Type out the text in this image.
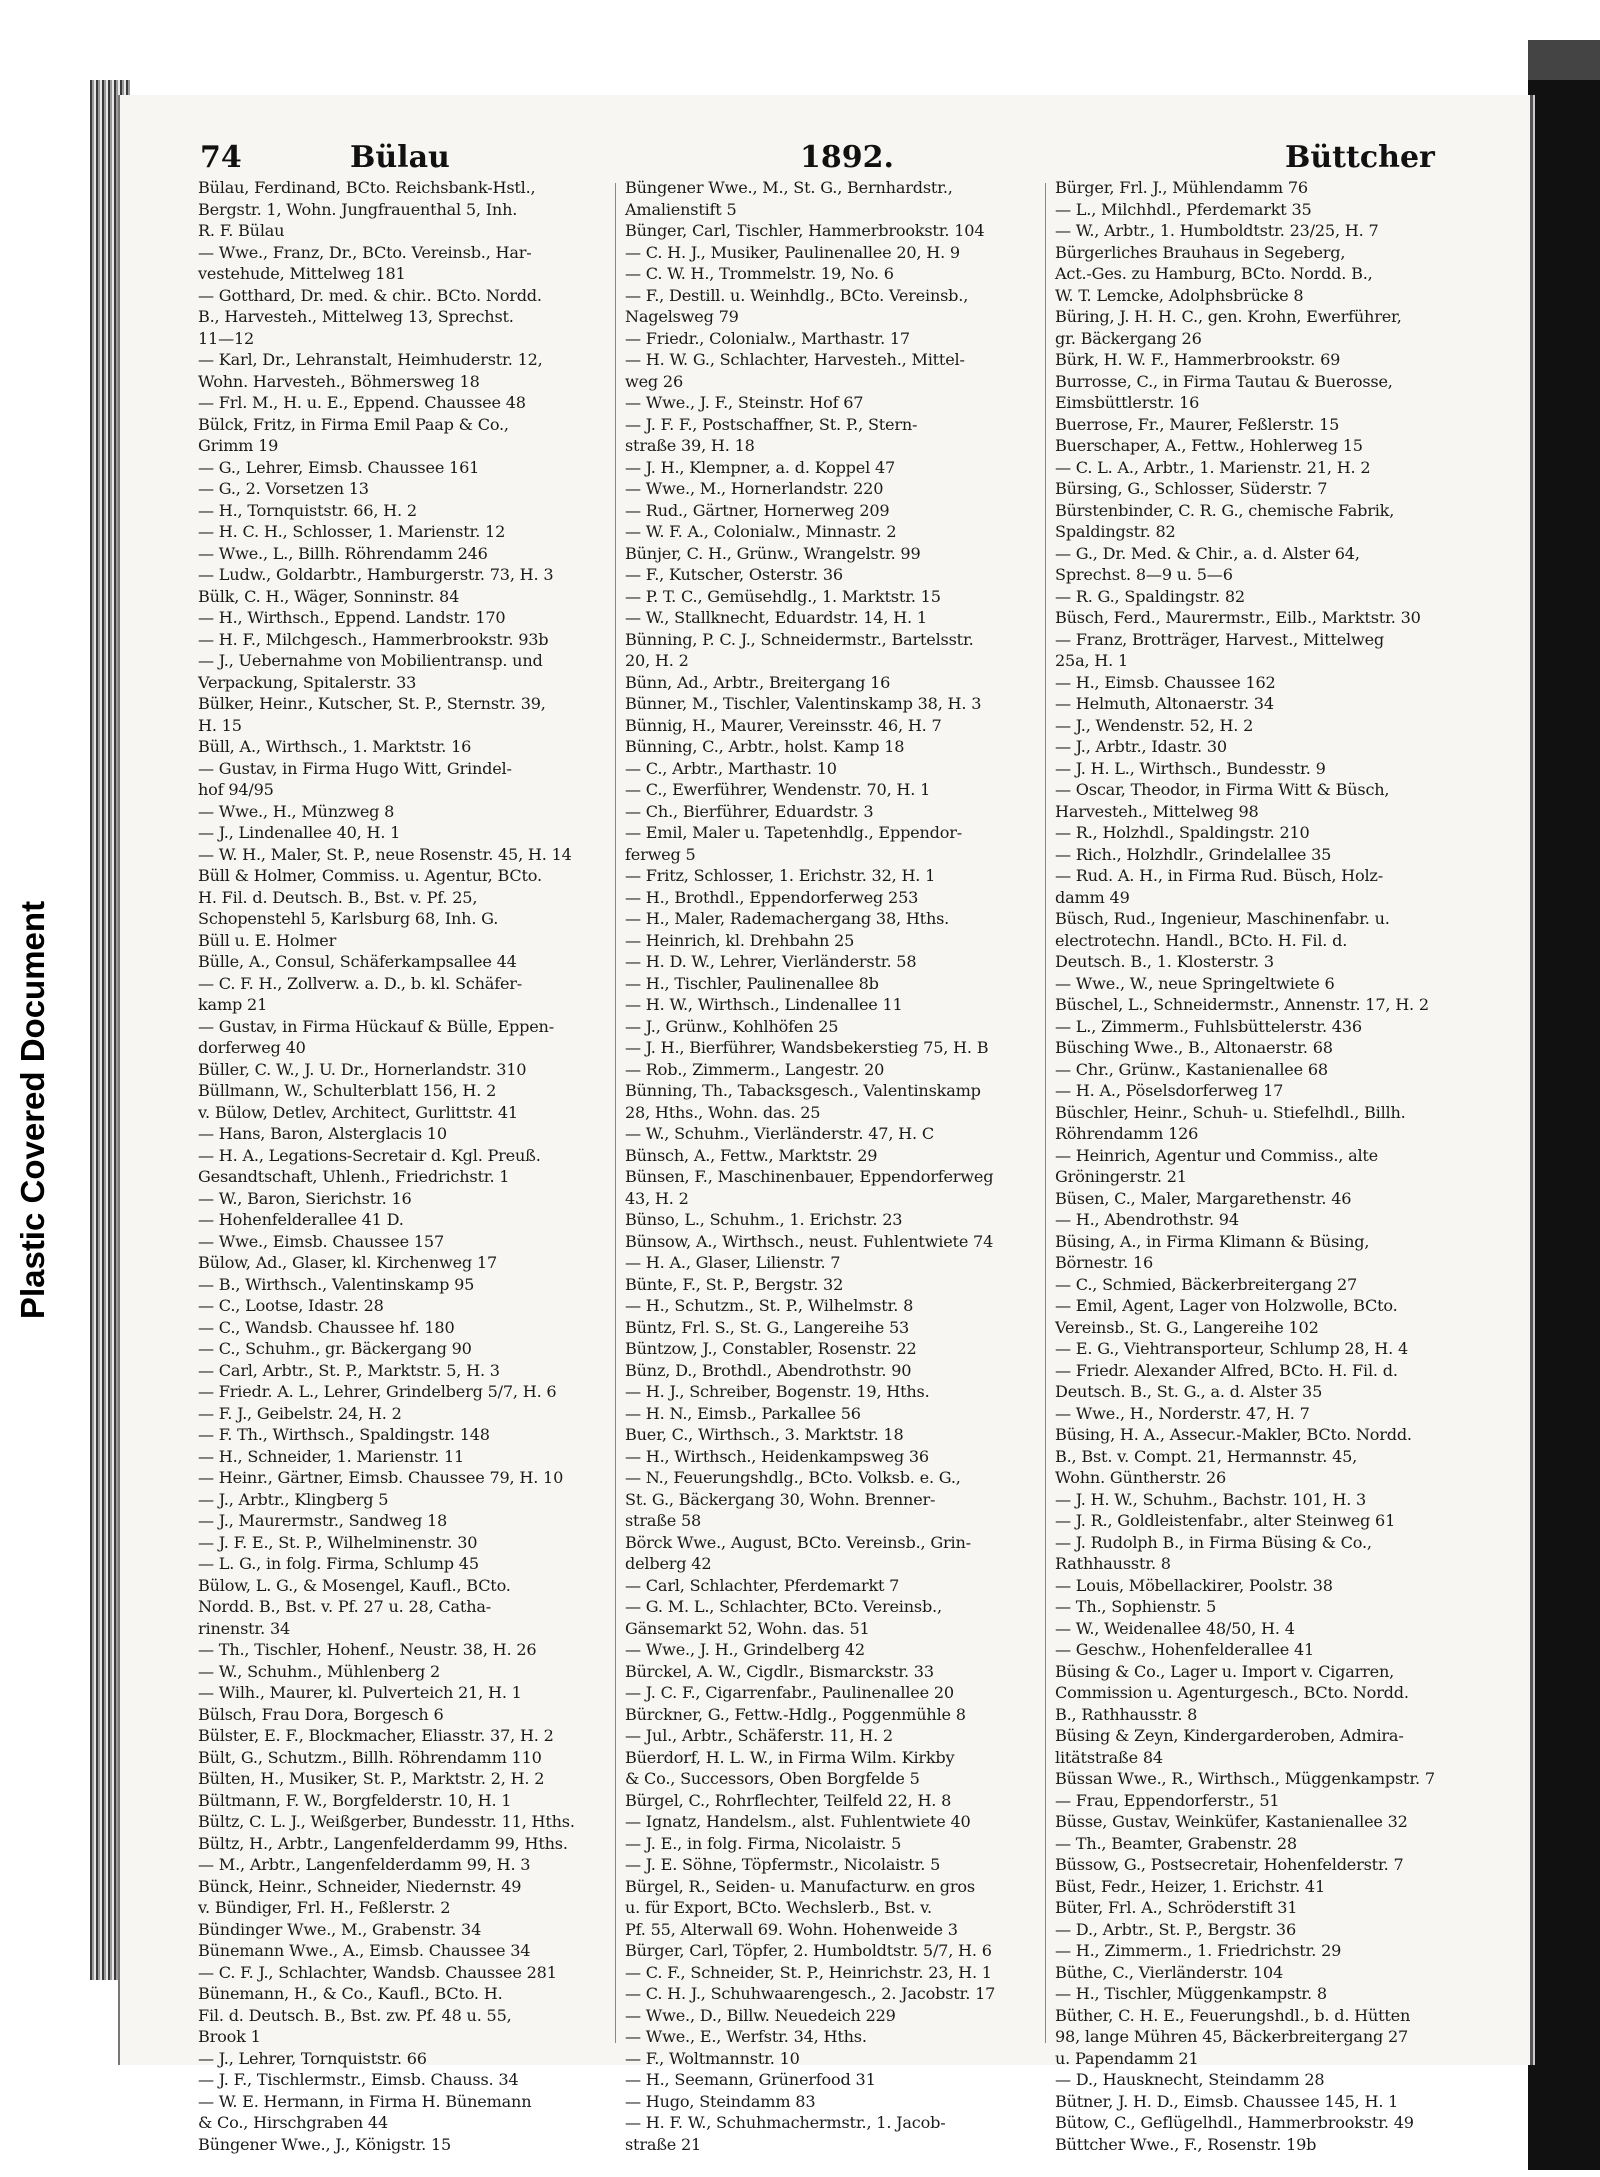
Plastic Covered Document
74	Bülau	1892.	Büttcher
Bülau, Ferdinand, BCto. Reichsbank-Hstl.,
Bergstr. 1, Wohn. Jungfrauenthal 5, Inh.
R. F. Bülau
— Wwe., Franz, Dr., BCto. Vereinsb., Har-
vestehude, Mittelweg 181
— Gotthard, Dr. med. & chir.. BCto. Nordd.
B., Harvesteh., Mittelweg 13, Sprechst.
11—12
— Karl, Dr., Lehranstalt, Heimhuderstr. 12,
Wohn. Harvesteh., Böhmersweg 18
— Frl. M., H. u. E., Eppend. Chaussee 48
Bülck, Fritz, in Firma Emil Paap & Co.,
Grimm 19
— G., Lehrer, Eimsb. Chaussee 161
— G., 2. Vorsetzen 13
— H., Tornquiststr. 66, H. 2
— H. C. H., Schlosser, 1. Marienstr. 12
— Wwe., L., Billh. Röhrendamm 246
— Ludw., Goldarbtr., Hamburgerstr. 73, H. 3
Bülk, C. H., Wäger, Sonninstr. 84
— H., Wirthsch., Eppend. Landstr. 170
— H. F., Milchgesch., Hammerbrookstr. 93b
— J., Uebernahme von Mobilientransp. und
Verpackung, Spitalerstr. 33
Bülker, Heinr., Kutscher, St. P., Sternstr. 39,
H. 15
Büll, A., Wirthsch., 1. Marktstr. 16
— Gustav, in Firma Hugo Witt, Grindel-
hof 94/95
— Wwe., H., Münzweg 8
— J., Lindenallee 40, H. 1
— W. H., Maler, St. P., neue Rosenstr. 45, H. 14
Büll & Holmer, Commiss. u. Agentur, BCto.
H. Fil. d. Deutsch. B., Bst. v. Pf. 25,
Schopenstehl 5, Karlsburg 68, Inh. G.
Büll u. E. Holmer
Bülle, A., Consul, Schäferkampsallee 44
— C. F. H., Zollverw. a. D., b. kl. Schäfer-
kamp 21
— Gustav, in Firma Hückauf & Bülle, Eppen-
dorferweg 40
Büller, C. W., J. U. Dr., Hornerlandstr. 310
Büllmann, W., Schulterblatt 156, H. 2
v. Bülow, Detlev, Architect, Gurlittstr. 41
— Hans, Baron, Alsterglacis 10
— H. A., Legations-Secretair d. Kgl. Preuß.
Gesandtschaft, Uhlenh., Friedrichstr. 1
— W., Baron, Sierichstr. 16
— Hohenfelderallee 41 D.
— Wwe., Eimsb. Chaussee 157
Bülow, Ad., Glaser, kl. Kirchenweg 17
— B., Wirthsch., Valentinskamp 95
— C., Lootse, Idastr. 28
— C., Wandsb. Chaussee hf. 180
— C., Schuhm., gr. Bäckergang 90
— Carl, Arbtr., St. P., Marktstr. 5, H. 3
— Friedr. A. L., Lehrer, Grindelberg 5/7, H. 6
— F. J., Geibelstr. 24, H. 2
— F. Th., Wirthsch., Spaldingstr. 148
— H., Schneider, 1. Marienstr. 11
— Heinr., Gärtner, Eimsb. Chaussee 79, H. 10
— J., Arbtr., Klingberg 5
— J., Maurermstr., Sandweg 18
— J. F. E., St. P., Wilhelminenstr. 30
— L. G., in folg. Firma, Schlump 45
Bülow, L. G., & Mosengel, Kaufl., BCto.
Nordd. B., Bst. v. Pf. 27 u. 28, Catha-
rinenstr. 34
— Th., Tischler, Hohenf., Neustr. 38, H. 26
— W., Schuhm., Mühlenberg 2
— Wilh., Maurer, kl. Pulverteich 21, H. 1
Bülsch, Frau Dora, Borgesch 6
Bülster, E. F., Blockmacher, Eliasstr. 37, H. 2
Bült, G., Schutzm., Billh. Röhrendamm 110
Bülten, H., Musiker, St. P., Marktstr. 2, H. 2
Bültmann, F. W., Borgfelderstr. 10, H. 1
Bültz, C. L. J., Weißgerber, Bundesstr. 11, Hths.
Bültz, H., Arbtr., Langenfelderdamm 99, Hths.
— M., Arbtr., Langenfelderdamm 99, H. 3
Bünck, Heinr., Schneider, Niedernstr. 49
v. Bündiger, Frl. H., Feßlerstr. 2
Bündinger Wwe., M., Grabenstr. 34
Bünemann Wwe., A., Eimsb. Chaussee 34
— C. F. J., Schlachter, Wandsb. Chaussee 281
Bünemann, H., & Co., Kaufl., BCto. H.
Fil. d. Deutsch. B., Bst. zw. Pf. 48 u. 55,
Brook 1
— J., Lehrer, Tornquiststr. 66
— J. F., Tischlermstr., Eimsb. Chauss. 34
— W. E. Hermann, in Firma H. Bünemann
& Co., Hirschgraben 44
Büngener Wwe., J., Königstr. 15
Büngener Wwe., M., St. G., Bernhardstr.,
Amalienstift 5
Bünger, Carl, Tischler, Hammerbrookstr. 104
— C. H. J., Musiker, Paulinenallee 20, H. 9
— C. W. H., Trommelstr. 19, No. 6
— F., Destill. u. Weinhdlg., BCto. Vereinsb.,
Nagelsweg 79
— Friedr., Colonialw., Marthastr. 17
— H. W. G., Schlachter, Harvesteh., Mittel-
weg 26
— Wwe., J. F., Steinstr. Hof 67
— J. F. F., Postschaffner, St. P., Stern-
straße 39, H. 18
— J. H., Klempner, a. d. Koppel 47
— Wwe., M., Hornerlandstr. 220
— Rud., Gärtner, Hornerweg 209
— W. F. A., Colonialw., Minnastr. 2
Bünjer, C. H., Grünw., Wrangelstr. 99
— F., Kutscher, Osterstr. 36
— P. T. C., Gemüsehdlg., 1. Marktstr. 15
— W., Stallknecht, Eduardstr. 14, H. 1
Bünning, P. C. J., Schneidermstr., Bartelsstr.
20, H. 2
Bünn, Ad., Arbtr., Breitergang 16
Bünner, M., Tischler, Valentinskamp 38, H. 3
Bünnig, H., Maurer, Vereinsstr. 46, H. 7
Bünning, C., Arbtr., holst. Kamp 18
— C., Arbtr., Marthastr. 10
— C., Ewerführer, Wendenstr. 70, H. 1
— Ch., Bierführer, Eduardstr. 3
— Emil, Maler u. Tapetenhdlg., Eppendor-
ferweg 5
— Fritz, Schlosser, 1. Erichstr. 32, H. 1
— H., Brothdl., Eppendorferweg 253
— H., Maler, Rademachergang 38, Hths.
— Heinrich, kl. Drehbahn 25
— H. D. W., Lehrer, Vierländerstr. 58
— H., Tischler, Paulinenallee 8b
— H. W., Wirthsch., Lindenallee 11
— J., Grünw., Kohlhöfen 25
— J. H., Bierführer, Wandsbekerstieg 75, H. B
— Rob., Zimmerm., Langestr. 20
Bünning, Th., Tabacksgesch., Valentinskamp
28, Hths., Wohn. das. 25
— W., Schuhm., Vierländerstr. 47, H. C
Bünsch, A., Fettw., Marktstr. 29
Bünsen, F., Maschinenbauer, Eppendorferweg
43, H. 2
Bünso, L., Schuhm., 1. Erichstr. 23
Bünsow, A., Wirthsch., neust. Fuhlentwiete 74
— H. A., Glaser, Lilienstr. 7
Bünte, F., St. P., Bergstr. 32
— H., Schutzm., St. P., Wilhelmstr. 8
Büntz, Frl. S., St. G., Langereihe 53
Büntzow, J., Constabler, Rosenstr. 22
Bünz, D., Brothdl., Abendrothstr. 90
— H. J., Schreiber, Bogenstr. 19, Hths.
— H. N., Eimsb., Parkallee 56
Buer, C., Wirthsch., 3. Marktstr. 18
— H., Wirthsch., Heidenkampsweg 36
— N., Feuerungshdlg., BCto. Volksb. e. G.,
St. G., Bäckergang 30, Wohn. Brenner-
straße 58
Börck Wwe., August, BCto. Vereinsb., Grin-
delberg 42
— Carl, Schlachter, Pferdemarkt 7
— G. M. L., Schlachter, BCto. Vereinsb.,
Gänsemarkt 52, Wohn. das. 51
— Wwe., J. H., Grindelberg 42
Bürckel, A. W., Cigdlr., Bismarckstr. 33
— J. C. F., Cigarrenfabr., Paulinenallee 20
Bürckner, G., Fettw.-Hdlg., Poggenmühle 8
— Jul., Arbtr., Schäferstr. 11, H. 2
Büerdorf, H. L. W., in Firma Wilm. Kirkby
& Co., Successors, Oben Borgfelde 5
Bürgel, C., Rohrflechter, Teilfeld 22, H. 8
— Ignatz, Handelsm., alst. Fuhlentwiete 40
— J. E., in folg. Firma, Nicolaistr. 5
— J. E. Söhne, Töpfermstr., Nicolaistr. 5
Bürgel, R., Seiden- u. Manufacturw. en gros
u. für Export, BCto. Wechslerb., Bst. v.
Pf. 55, Alterwall 69. Wohn. Hohenweide 3
Bürger, Carl, Töpfer, 2. Humboldtstr. 5/7, H. 6
— C. F., Schneider, St. P., Heinrichstr. 23, H. 1
— C. H. J., Schuhwaarengesch., 2. Jacobstr. 17
— Wwe., D., Billw. Neuedeich 229
— Wwe., E., Werfstr. 34, Hths.
— F., Woltmannstr. 10
— H., Seemann, Grünerfood 31
— Hugo, Steindamm 83
— H. F. W., Schuhmachermstr., 1. Jacob-
straße 21
Bürger, Frl. J., Mühlendamm 76
— L., Milchhdl., Pferdemarkt 35
— W., Arbtr., 1. Humboldtstr. 23/25, H. 7
Bürgerliches Brauhaus in Segeberg,
Act.-Ges. zu Hamburg, BCto. Nordd. B.,
W. T. Lemcke, Adolphsbrücke 8
Büring, J. H. H. C., gen. Krohn, Ewerführer,
gr. Bäckergang 26
Bürk, H. W. F., Hammerbrookstr. 69
Burrosse, C., in Firma Tautau & Buerosse,
Eimsbüttlerstr. 16
Buerrose, Fr., Maurer, Feßlerstr. 15
Buerschaper, A., Fettw., Hohlerweg 15
— C. L. A., Arbtr., 1. Marienstr. 21, H. 2
Bürsing, G., Schlosser, Süderstr. 7
Bürstenbinder, C. R. G., chemische Fabrik,
Spaldingstr. 82
— G., Dr. Med. & Chir., a. d. Alster 64,
Sprechst. 8—9 u. 5—6
— R. G., Spaldingstr. 82
Büsch, Ferd., Maurermstr., Eilb., Marktstr. 30
— Franz, Brotträger, Harvest., Mittelweg
25a, H. 1
— H., Eimsb. Chaussee 162
— Helmuth, Altonaerstr. 34
— J., Wendenstr. 52, H. 2
— J., Arbtr., Idastr. 30
— J. H. L., Wirthsch., Bundesstr. 9
— Oscar, Theodor, in Firma Witt & Büsch,
Harvesteh., Mittelweg 98
— R., Holzhdl., Spaldingstr. 210
— Rich., Holzhdlr., Grindelallee 35
— Rud. A. H., in Firma Rud. Büsch, Holz-
damm 49
Büsch, Rud., Ingenieur, Maschinenfabr. u.
electrotechn. Handl., BCto. H. Fil. d.
Deutsch. B., 1. Klosterstr. 3
— Wwe., W., neue Springeltwiete 6
Büschel, L., Schneidermstr., Annenstr. 17, H. 2
— L., Zimmerm., Fuhlsbüttelerstr. 436
Büsching Wwe., B., Altonaerstr. 68
— Chr., Grünw., Kastanienallee 68
— H. A., Pöselsdorferweg 17
Büschler, Heinr., Schuh- u. Stiefelhdl., Billh.
Röhrendamm 126
— Heinrich, Agentur und Commiss., alte
Gröningerstr. 21
Büsen, C., Maler, Margarethenstr. 46
— H., Abendrothstr. 94
Büsing, A., in Firma Klimann & Büsing,
Börnestr. 16
— C., Schmied, Bäckerbreitergang 27
— Emil, Agent, Lager von Holzwolle, BCto.
Vereinsb., St. G., Langereihe 102
— E. G., Viehtransporteur, Schlump 28, H. 4
— Friedr. Alexander Alfred, BCto. H. Fil. d.
Deutsch. B., St. G., a. d. Alster 35
— Wwe., H., Norderstr. 47, H. 7
Büsing, H. A., Assecur.-Makler, BCto. Nordd.
B., Bst. v. Compt. 21, Hermannstr. 45,
Wohn. Güntherstr. 26
— J. H. W., Schuhm., Bachstr. 101, H. 3
— J. R., Goldleistenfabr., alter Steinweg 61
— J. Rudolph B., in Firma Büsing & Co.,
Rathhausstr. 8
— Louis, Möbellackirer, Poolstr. 38
— Th., Sophienstr. 5
— W., Weidenallee 48/50, H. 4
— Geschw., Hohenfelderallee 41
Büsing & Co., Lager u. Import v. Cigarren,
Commission u. Agenturgesch., BCto. Nordd.
B., Rathhausstr. 8
Büsing & Zeyn, Kindergarderoben, Admira-
litätstraße 84
Büssan Wwe., R., Wirthsch., Müggenkampstr. 7
— Frau, Eppendorferstr., 51
Büsse, Gustav, Weinküfer, Kastanienallee 32
— Th., Beamter, Grabenstr. 28
Büssow, G., Postsecretair, Hohenfelderstr. 7
Büst, Fedr., Heizer, 1. Erichstr. 41
Büter, Frl. A., Schröderstift 31
— D., Arbtr., St. P., Bergstr. 36
— H., Zimmerm., 1. Friedrichstr. 29
Büthe, C., Vierländerstr. 104
— H., Tischler, Müggenkampstr. 8
Büther, C. H. E., Feuerungshdl., b. d. Hütten
98, lange Mühren 45, Bäckerbreitergang 27
u. Papendamm 21
— D., Hausknecht, Steindamm 28
Bütner, J. H. D., Eimsb. Chaussee 145, H. 1
Bütow, C., Geflügelhdl., Hammerbrookstr. 49
Büttcher Wwe., F., Rosenstr. 19b
